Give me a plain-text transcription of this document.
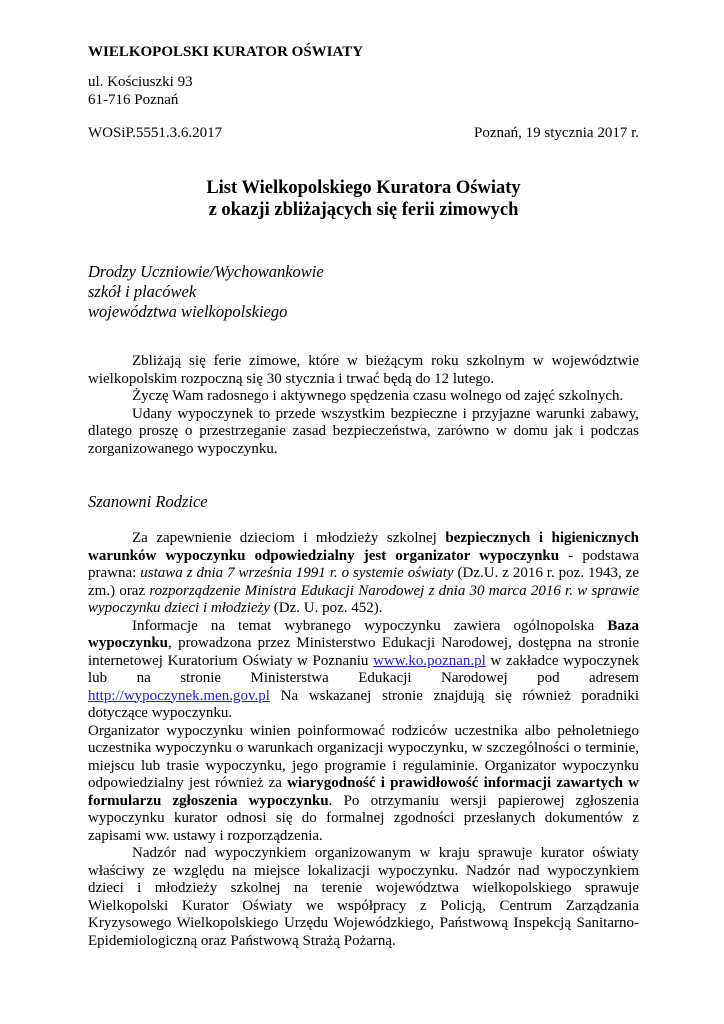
WIELKOPOLSKI KURATOR OŚWIATY
ul. Kościuszki 93
61-716 Poznań
WOSiP.5551.3.6.2017	Poznań, 19 stycznia 2017 r.
List Wielkopolskiego Kuratora Oświaty
z okazji zbliżających się ferii zimowych
Drodzy Uczniowie/Wychowankowie
szkół i placówek
województwa wielkopolskiego

Zbliżają się ferie zimowe, które w bieżącym roku szkolnym w województwie wielkopolskim rozpoczną się 30 stycznia i trwać będą do 12 lutego.

Życzę Wam radosnego i aktywnego spędzenia czasu wolnego od zajęć szkolnych.

Udany wypoczynek to przede wszystkim bezpieczne i przyjazne warunki zabawy, dlatego proszę o przestrzeganie zasad bezpieczeństwa, zarówno w domu jak i podczas zorganizowanego wypoczynku.

Szanowni Rodzice

Za zapewnienie dzieciom i młodzieży szkolnej bezpiecznych i higienicznych warunków wypoczynku odpowiedzialny jest organizator wypoczynku - podstawa prawna: ustawa z dnia 7 września 1991 r. o systemie oświaty (Dz.U. z 2016 r. poz. 1943, ze zm.) oraz rozporządzenie Ministra Edukacji Narodowej z dnia 30 marca 2016 r. w sprawie wypoczynku dzieci i młodzieży (Dz. U. poz. 452).

Informacje na temat wybranego wypoczynku zawiera ogólnopolska Baza wypoczynku, prowadzona przez Ministerstwo Edukacji Narodowej, dostępna na stronie internetowej Kuratorium Oświaty w Poznaniu www.ko.poznan.pl w zakładce wypoczynek lub na stronie Ministerstwa Edukacji Narodowej pod adresem http://wypoczynek.men.gov.pl Na wskazanej stronie znajdują się również poradniki dotyczące wypoczynku.

Organizator wypoczynku winien poinformować rodziców uczestnika albo pełnoletniego uczestnika wypoczynku o warunkach organizacji wypoczynku, w szczególności o terminie, miejscu lub trasie wypoczynku, jego programie i regulaminie. Organizator wypoczynku odpowiedzialny jest również za wiarygodność i prawidłowość informacji zawartych w formularzu zgłoszenia wypoczynku. Po otrzymaniu wersji papierowej zgłoszenia wypoczynku kurator odnosi się do formalnej zgodności przesłanych dokumentów z zapisami ww. ustawy i rozporządzenia.

Nadzór nad wypoczynkiem organizowanym w kraju sprawuje kurator oświaty właściwy ze względu na miejsce lokalizacji wypoczynku. Nadzór nad wypoczynkiem dzieci i młodzieży szkolnej na terenie województwa wielkopolskiego sprawuje Wielkopolski Kurator Oświaty we współpracy z Policją, Centrum Zarządzania Kryzysowego Wielkopolskiego Urzędu Wojewódzkiego, Państwową Inspekcją Sanitarno-Epidemiologiczną oraz Państwową Strażą Pożarną.
